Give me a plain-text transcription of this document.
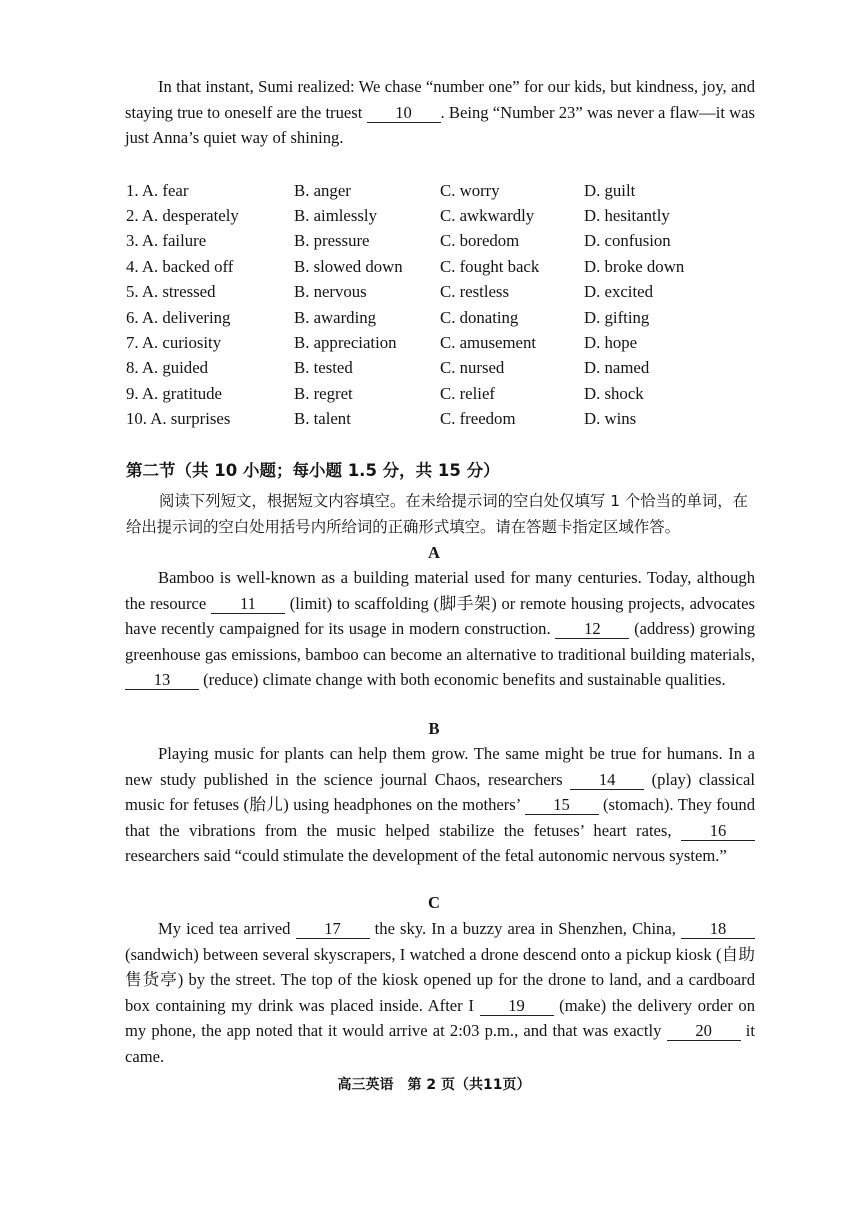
In that instant, Sumi realized: We chase “number one” for our kids, but kindness, joy, and staying true to oneself are the truest 10 . Being “Number 23” was never a flaw—it was just Anna’s quiet way of shining.

1. A. fear	B. anger	C. worry	D. guilt
2. A. desperately	B. aimlessly	C. awkwardly	D. hesitantly
3. A. failure	B. pressure	C. boredom	D. confusion
4. A. backed off	B. slowed down	C. fought back	D. broke down
5. A. stressed	B. nervous	C. restless	D. excited
6. A. delivering	B. awarding	C. donating	D. gifting
7. A. curiosity	B. appreciation	C. amusement	D. hope
8. A. guided	B. tested	C. nursed	D. named
9. A. gratitude	B. regret	C. relief	D. shock
10. A. surprises	B. talent	C. freedom	D. wins
第二节（共 10 小题；每小题 1.5 分，共 15 分）

阅读下列短文，根据短文内容填空。在未给提示词的空白处仅填写 1 个恰当的单词，在给出提示词的空白处用括号内所给词的正确形式填空。请在答题卡指定区域作答。

A

Bamboo is well-known as a building material used for many centuries. Today, although the resource 11 (limit) to scaffolding (脚手架) or remote housing projects, advocates have recently campaigned for its usage in modern construction. 12 (address) growing greenhouse gas emissions, bamboo can become an alternative to traditional building materials, 13 (reduce) climate change with both economic benefits and sustainable qualities.

B

Playing music for plants can help them grow. The same might be true for humans. In a new study published in the science journal Chaos, researchers 14 (play) classical music for fetuses (胎儿) using headphones on the mothers’ 15 (stomach). They found that the vibrations from the music helped stabilize the fetuses’ heart rates, 16 researchers said “could stimulate the development of the fetal autonomic nervous system.”

C

My iced tea arrived 17 the sky. In a buzzy area in Shenzhen, China, 18 (sandwich) between several skyscrapers, I watched a drone descend onto a pickup kiosk (自助售货亭) by the street. The top of the kiosk opened up for the drone to land, and a cardboard box containing my drink was placed inside. After I 19 (make) the delivery order on my phone, the app noted that it would arrive at 2:03 p.m., and that was exactly 20 it came.

高三英语　第 2 页（共11页）
